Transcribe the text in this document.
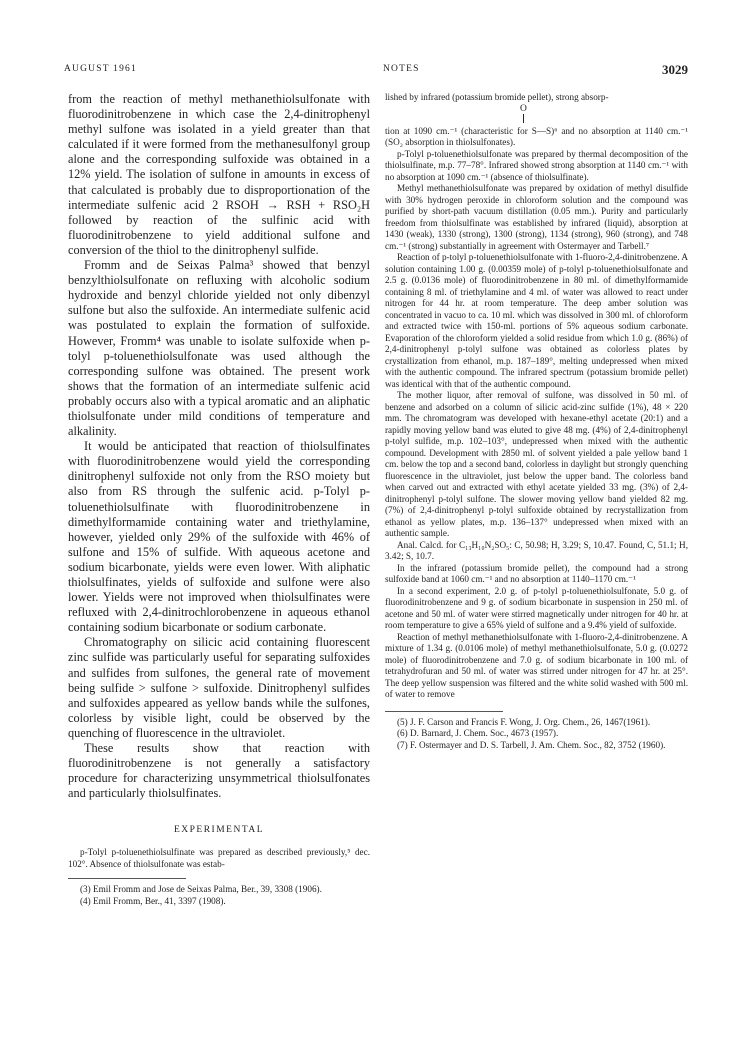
AUGUST 1961	NOTES	3029

from the reaction of methyl methanethiolsulfonate with fluorodinitrobenzene in which case the 2,4-dinitrophenyl methyl sulfone was isolated in a yield greater than that calculated if it were formed from the methanesulfonyl group alone and the corresponding sulfoxide was obtained in a 12% yield. The isolation of sulfone in amounts in excess of that calculated is probably due to disproportionation of the intermediate sulfenic acid 2 RSOH → RSH + RSO₂H followed by reaction of the sulfinic acid with fluorodinitrobenzene to yield additional sulfone and conversion of the thiol to the dinitrophenyl sulfide.

Fromm and de Seixas Palma³ showed that benzyl benzylthiolsulfonate on refluxing with alcoholic sodium hydroxide and benzyl chloride yielded not only dibenzyl sulfone but also the sulfoxide. An intermediate sulfenic acid was postulated to explain the formation of sulfoxide. However, Fromm⁴ was unable to isolate sulfoxide when p-tolyl p-toluenethiolsulfonate was used although the corresponding sulfone was obtained. The present work shows that the formation of an intermediate sulfenic acid probably occurs also with a typical aromatic and an aliphatic thiolsulfonate under mild conditions of temperature and alkalinity.

It would be anticipated that reaction of thiolsulfinates with fluorodinitrobenzene would yield the corresponding dinitrophenyl sulfoxide not only from the RSO moiety but also from RS through the sulfenic acid. p-Tolyl p-toluenethiolsulfinate with fluorodinitrobenzene in dimethylformamide containing water and triethylamine, however, yielded only 29% of the sulfoxide with 46% of sulfone and 15% of sulfide. With aqueous acetone and sodium bicarbonate, yields were even lower. With aliphatic thiolsulfinates, yields of sulfoxide and sulfone were also lower. Yields were not improved when thiolsulfinates were refluxed with 2,4-dinitrochlorobenzene in aqueous ethanol containing sodium bicarbonate or sodium carbonate.

Chromatography on silicic acid containing fluorescent zinc sulfide was particularly useful for separating sulfoxides and sulfides from sulfones, the general rate of movement being sulfide > sulfone > sulfoxide. Dinitrophenyl sulfides and sulfoxides appeared as yellow bands while the sulfones, colorless by visible light, could be observed by the quenching of fluorescence in the ultraviolet.

These results show that reaction with fluorodinitrobenzene is not generally a satisfactory procedure for characterizing unsymmetrical thiolsulfonates and particularly thiolsulfinates.

EXPERIMENTAL

p-Tolyl p-toluenethiolsulfinate was prepared as described previously,⁵ dec. 102°. Absence of thiolsulfonate was estab-

(3) Emil Fromm and Jose de Seixas Palma, Ber., 39, 3308 (1906).

(4) Emil Fromm, Ber., 41, 3397 (1908).

lished by infrared (potassium bromide pellet), strong absorp-

O

tion at 1090 cm.⁻¹ (characteristic for S—S)⁶ and no absorption at 1140 cm.⁻¹ (SO₂ absorption in thiolsulfonates).

p-Tolyl p-toluenethiolsulfonate was prepared by thermal decomposition of the thiolsulfinate, m.p. 77–78°. Infrared showed strong absorption at 1140 cm.⁻¹ with no absorption at 1090 cm.⁻¹ (absence of thiolsulfinate).

Methyl methanethiolsulfonate was prepared by oxidation of methyl disulfide with 30% hydrogen peroxide in chloroform solution and the compound was purified by short-path vacuum distillation (0.05 mm.). Purity and particularly freedom from thiolsulfinate was established by infrared (liquid), absorption at 1430 (weak), 1330 (strong), 1300 (strong), 1134 (strong), 960 (strong), and 748 cm.⁻¹ (strong) substantially in agreement with Ostermayer and Tarbell.⁷

Reaction of p-tolyl p-toluenethiolsulfonate with 1-fluoro-2,4-dinitrobenzene. A solution containing 1.00 g. (0.00359 mole) of p-tolyl p-toluenethiolsulfonate and 2.5 g. (0.0136 mole) of fluorodinitrobenzene in 80 ml. of dimethylformamide containing 8 ml. of triethylamine and 4 ml. of water was allowed to react under nitrogen for 44 hr. at room temperature. The deep amber solution was concentrated in vacuo to ca. 10 ml. which was dissolved in 300 ml. of chloroform and extracted twice with 150-ml. portions of 5% aqueous sodium carbonate. Evaporation of the chloroform yielded a solid residue from which 1.0 g. (86%) of 2,4-dinitrophenyl p-tolyl sulfone was obtained as colorless plates by crystallization from ethanol, m.p. 187–189°, melting undepressed when mixed with the authentic compound. The infrared spectrum (potassium bromide pellet) was identical with that of the authentic compound.

The mother liquor, after removal of sulfone, was dissolved in 50 ml. of benzene and adsorbed on a column of silicic acid-zinc sulfide (1%), 48 × 220 mm. The chromatogram was developed with hexane-ethyl acetate (20:1) and a rapidly moving yellow band was eluted to give 48 mg. (4%) of 2,4-dinitrophenyl p-tolyl sulfide, m.p. 102–103°, undepressed when mixed with the authentic compound. Development with 2850 ml. of solvent yielded a pale yellow band 1 cm. below the top and a second band, colorless in daylight but strongly quenching fluorescence in the ultraviolet, just below the upper band. The colorless band when carved out and extracted with ethyl acetate yielded 33 mg. (3%) of 2,4-dinitrophenyl p-tolyl sulfone. The slower moving yellow band yielded 82 mg. (7%) of 2,4-dinitrophenyl p-tolyl sulfoxide obtained by recrystallization from ethanol as yellow plates, m.p. 136–137° undepressed when mixed with an authentic sample.

Anal. Calcd. for C₁₃H₁₀N₂SO₅: C, 50.98; H, 3.29; S, 10.47. Found, C, 51.1; H, 3.42; S, 10.7.

In the infrared (potassium bromide pellet), the compound had a strong sulfoxide band at 1060 cm.⁻¹ and no absorption at 1140–1170 cm.⁻¹

In a second experiment, 2.0 g. of p-tolyl p-toluenethiolsulfonate, 5.0 g. of fluorodinitrobenzene and 9 g. of sodium bicarbonate in suspension in 250 ml. of acetone and 50 ml. of water were stirred magnetically under nitrogen for 40 hr. at room temperature to give a 65% yield of sulfone and a 9.4% yield of sulfoxide.

Reaction of methyl methanethiolsulfonate with 1-fluoro-2,4-dinitrobenzene. A mixture of 1.34 g. (0.0106 mole) of methyl methanethiolsulfonate, 5.0 g. (0.0272 mole) of fluorodinitrobenzene and 7.0 g. of sodium bicarbonate in 100 ml. of tetrahydrofuran and 50 ml. of water was stirred under nitrogen for 47 hr. at 25°. The deep yellow suspension was filtered and the white solid washed with 500 ml. of water to remove

(5) J. F. Carson and Francis F. Wong, J. Org. Chem., 26, 1467(1961).

(6) D. Barnard, J. Chem. Soc., 4673 (1957).

(7) F. Ostermayer and D. S. Tarbell, J. Am. Chem. Soc., 82, 3752 (1960).
